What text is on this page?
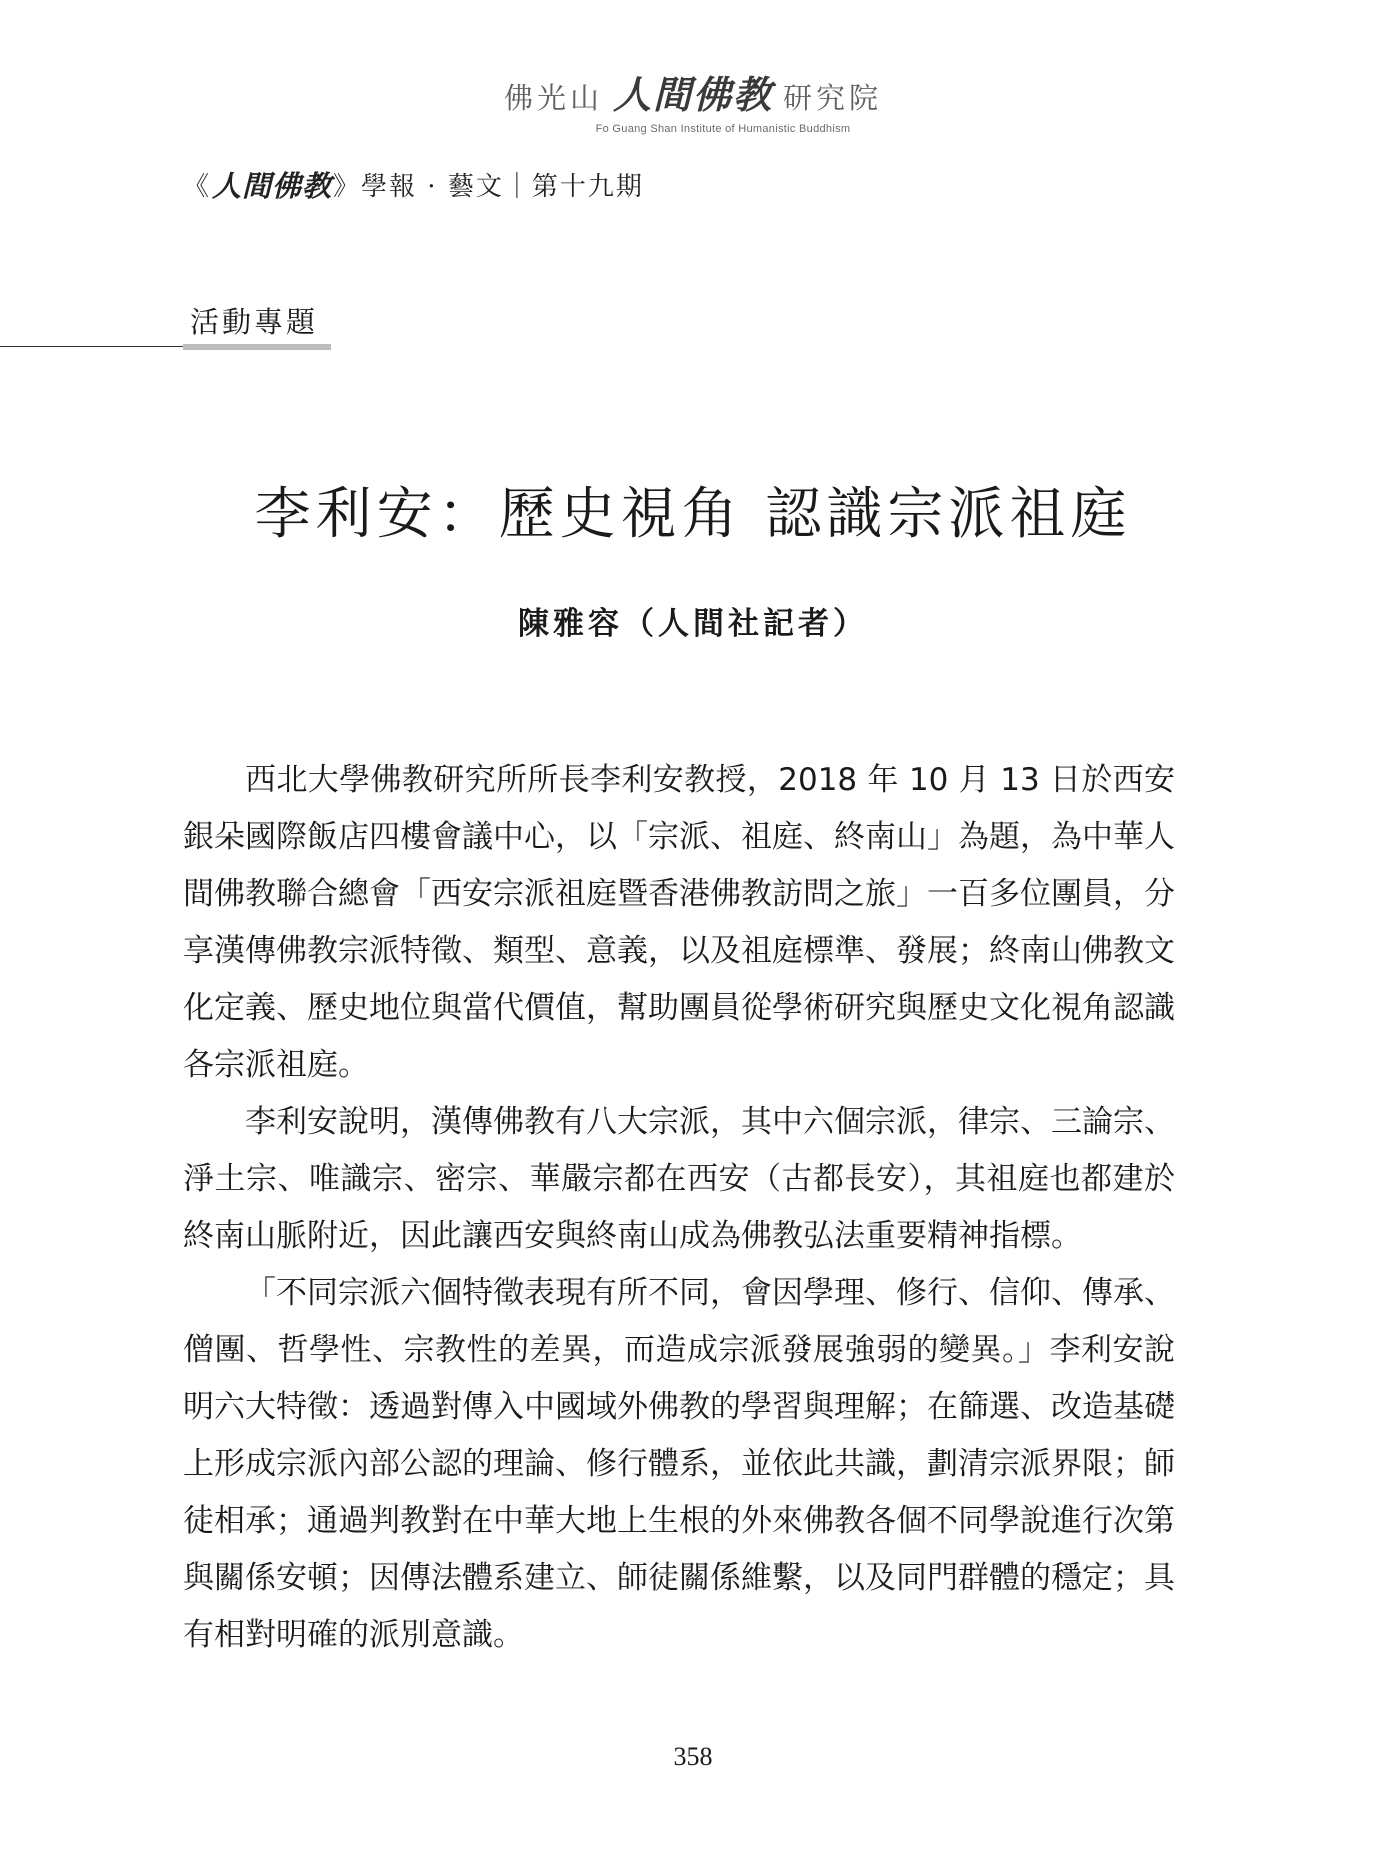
佛光山 人間佛教 研究院
Fo Guang Shan Institute of Humanistic Buddhism
《 人間佛教 》 學報 · 藝文｜第十九期
活動專題
李利安：歷史視角 認識宗派祖庭
陳雅容（人間社記者）

西北大學佛教研究所所長李利安教授，2018 年 10 月 13 日於西安銀朵國際飯店四樓會議中心，以「宗派、祖庭、終南山」為題，為中華人間佛教聯合總會「西安宗派祖庭暨香港佛教訪問之旅」一百多位團員，分享漢傳佛教宗派特徵、類型、意義，以及祖庭標準、發展；終南山佛教文化定義、歷史地位與當代價值，幫助團員從學術研究與歷史文化視角認識各宗派祖庭。

李利安說明，漢傳佛教有八大宗派，其中六個宗派，律宗、三論宗、淨土宗、唯識宗、密宗、華嚴宗都在西安（古都長安），其祖庭也都建於終南山脈附近，因此讓西安與終南山成為佛教弘法重要精神指標。

「不同宗派六個特徵表現有所不同，會因學理、修行、信仰、傳承、僧團、哲學性、宗教性的差異，而造成宗派發展強弱的變異。」李利安說明六大特徵：透過對傳入中國域外佛教的學習與理解；在篩選、改造基礎上形成宗派內部公認的理論、修行體系，並依此共識，劃清宗派界限；師徒相承；通過判教對在中華大地上生根的外來佛教各個不同學說進行次第與關係安頓；因傳法體系建立、師徒關係維繫，以及同門群體的穩定；具有相對明確的派別意識。

358
